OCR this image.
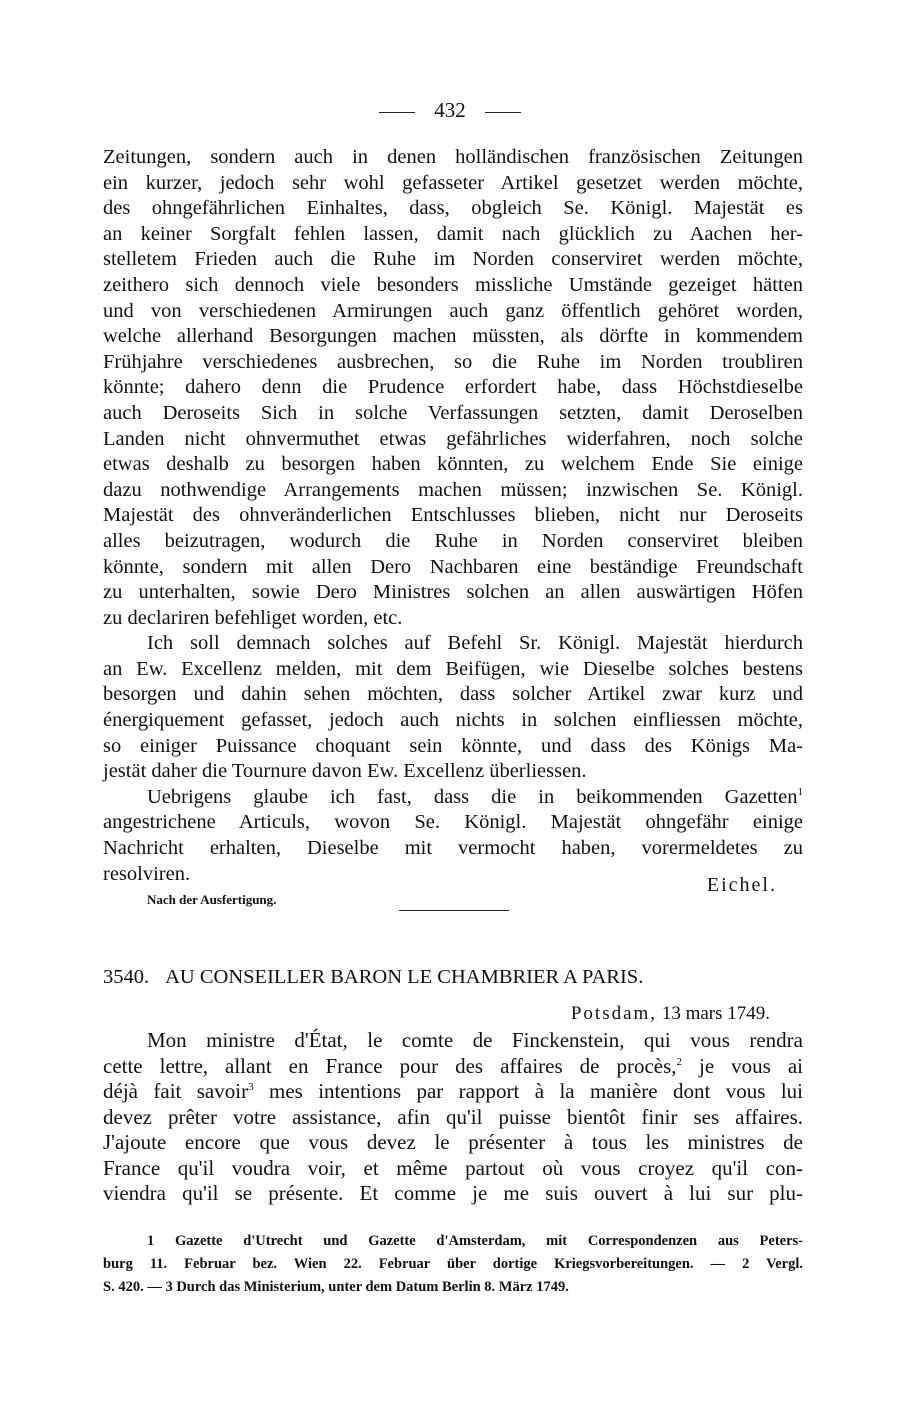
432
Zeitungen, sondern auch in denen holländischen französischen Zeitungen
ein kurzer, jedoch sehr wohl gefasseter Artikel gesetzet werden möchte,
des ohngefährlichen Einhaltes, dass, obgleich Se. Königl. Majestät es
an keiner Sorgfalt fehlen lassen, damit nach glücklich zu Aachen her-
stelletem Frieden auch die Ruhe im Norden conserviret werden möchte,
zeithero sich dennoch viele besonders missliche Umstände gezeiget hätten
und von verschiedenen Armirungen auch ganz öffentlich gehöret worden,
welche allerhand Besorgungen machen müssten, als dörfte in kommendem
Frühjahre verschiedenes ausbrechen, so die Ruhe im Norden troubliren
könnte; dahero denn die Prudence erfordert habe, dass Höchstdieselbe
auch Deroseits Sich in solche Verfassungen setzten, damit Deroselben
Landen nicht ohnvermuthet etwas gefährliches widerfahren, noch solche
etwas deshalb zu besorgen haben könnten, zu welchem Ende Sie einige
dazu nothwendige Arrangements machen müssen; inzwischen Se. Königl.
Majestät des ohnveränderlichen Entschlusses blieben, nicht nur Deroseits
alles beizutragen, wodurch die Ruhe in Norden conserviret bleiben
könnte, sondern mit allen Dero Nachbaren eine beständige Freundschaft
zu unterhalten, sowie Dero Ministres solchen an allen auswärtigen Höfen
zu declariren befehliget worden, etc.
Ich soll demnach solches auf Befehl Sr. Königl. Majestät hierdurch
an Ew. Excellenz melden, mit dem Beifügen, wie Dieselbe solches bestens
besorgen und dahin sehen möchten, dass solcher Artikel zwar kurz und
énergiquement gefasset, jedoch auch nichts in solchen einfliessen möchte,
so einiger Puissance choquant sein könnte, und dass des Königs Ma-
jestät daher die Tournure davon Ew. Excellenz überliessen.
Uebrigens glaube ich fast, dass die in beikommenden Gazetten$^1$
angestrichene Articuls, wovon Se. Königl. Majestät ohngefähr einige
Nachricht erhalten, Dieselbe mit vermocht haben, vorermeldetes zu
resolviren.
Nach der Ausfertigung.
Eichel.
3540. AU CONSEILLER BARON LE CHAMBRIER A PARIS.
Potsdam, 13 mars 1749.
Mon ministre d'État, le comte de Finckenstein, qui vous rendra
cette lettre, allant en France pour des affaires de procès,$^2$ je vous ai
déjà fait savoir$^3$ mes intentions par rapport à la manière dont vous lui
devez prêter votre assistance, afin qu'il puisse bientôt finir ses affaires.
J'ajoute encore que vous devez le présenter à tous les ministres de
France qu'il voudra voir, et même partout où vous croyez qu'il con-
viendra qu'il se présente. Et comme je me suis ouvert à lui sur plu-
1 Gazette d'Utrecht und Gazette d'Amsterdam, mit Correspondenzen aus Peters-
burg 11. Februar bez. Wien 22. Februar über dortige Kriegsvorbereitungen. — 2 Vergl.
S. 420. — 3 Durch das Ministerium, unter dem Datum Berlin 8. März 1749.
